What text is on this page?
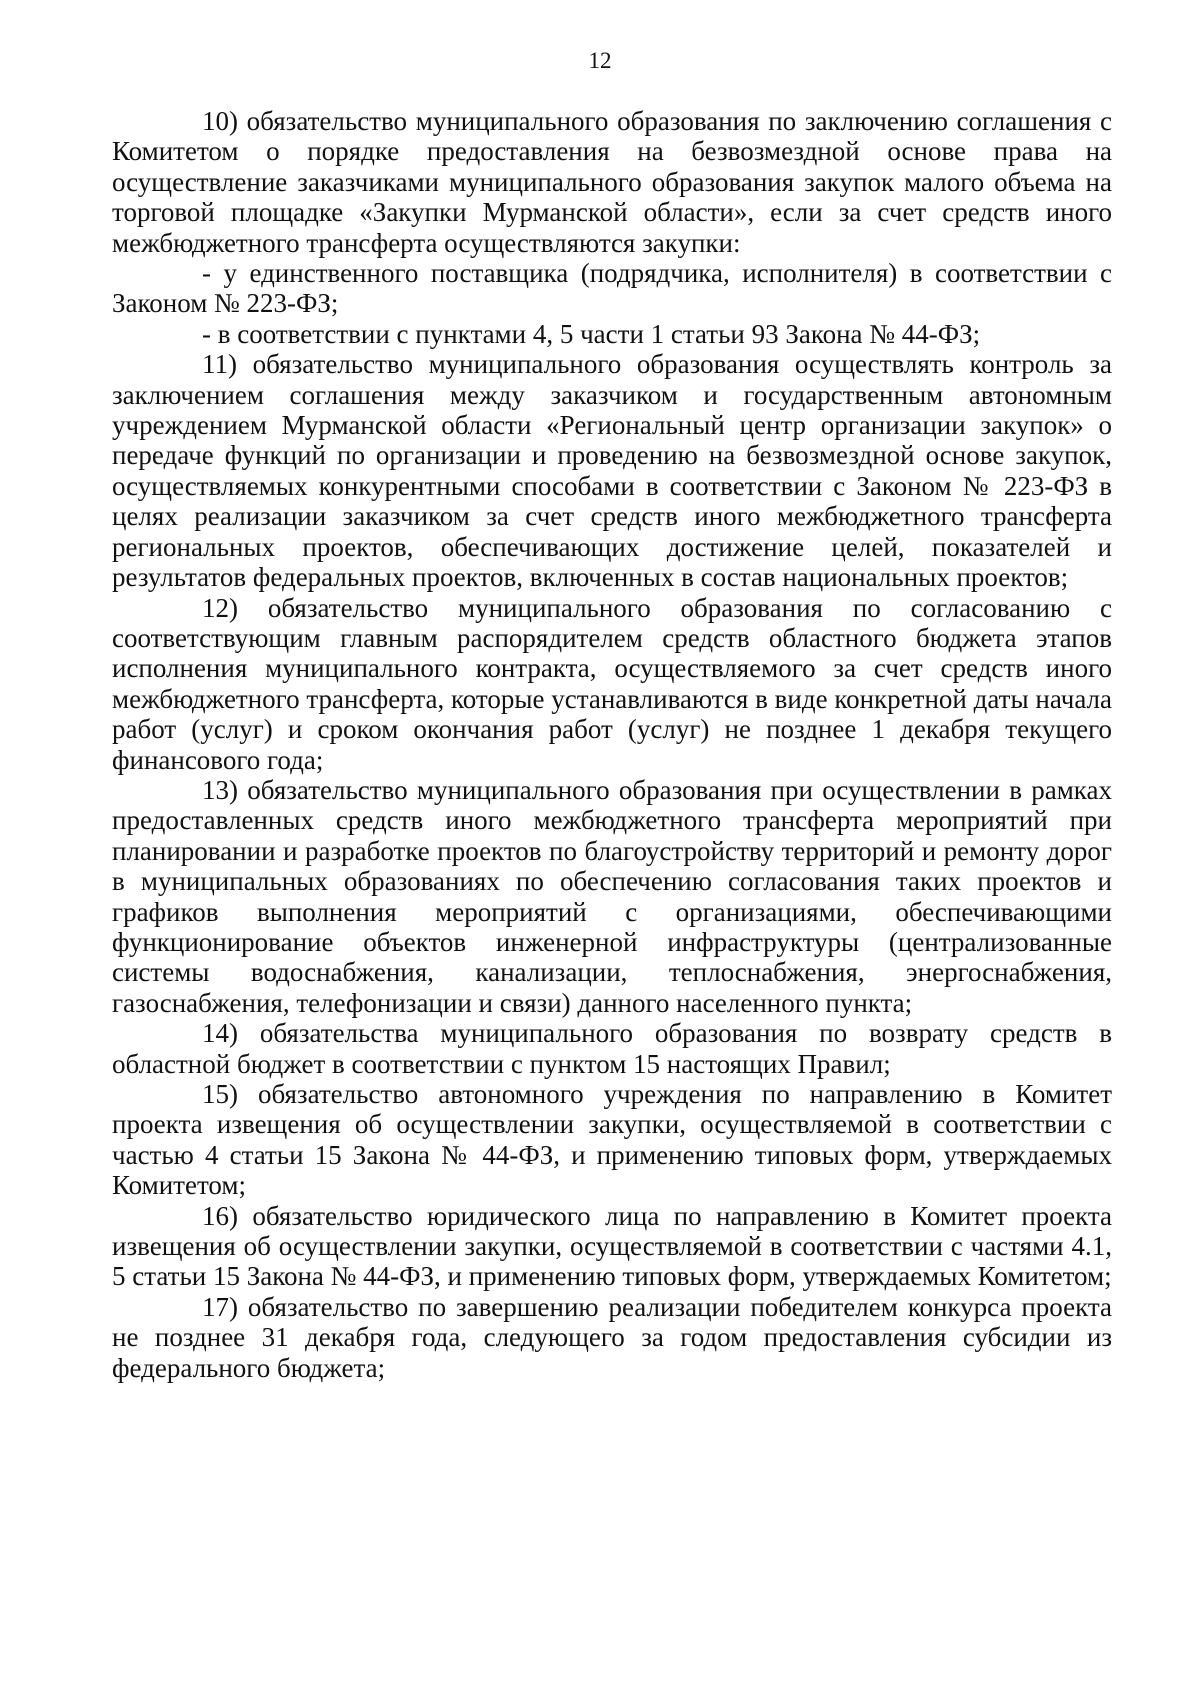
12

10) обязательство муниципального образования по заключению соглашения с Комитетом о порядке предоставления на безвозмездной основе права на осуществление заказчиками муниципального образования закупок малого объема на торговой площадке «Закупки Мурманской области», если за счет средств иного межбюджетного трансферта осуществляются закупки:

- у единственного поставщика (подрядчика, исполнителя) в соответствии с Законом № 223-ФЗ;

- в соответствии с пунктами 4, 5 части 1 статьи 93 Закона № 44-ФЗ;

11) обязательство муниципального образования осуществлять контроль за заключением соглашения между заказчиком и государственным автономным учреждением Мурманской области «Региональный центр организации закупок» о передаче функций по организации и проведению на безвозмездной основе закупок, осуществляемых конкурентными способами в соответствии с Законом № 223-ФЗ в целях реализации заказчиком за счет средств иного межбюджетного трансферта региональных проектов, обеспечивающих достижение целей, показателей и результатов федеральных проектов, включенных в состав национальных проектов;

12) обязательство муниципального образования по согласованию с соответствующим главным распорядителем средств областного бюджета этапов исполнения муниципального контракта, осуществляемого за счет средств иного межбюджетного трансферта, которые устанавливаются в виде конкретной даты начала работ (услуг) и сроком окончания работ (услуг) не позднее 1 декабря текущего финансового года;

13) обязательство муниципального образования при осуществлении в рамках предоставленных средств иного межбюджетного трансферта мероприятий при планировании и разработке проектов по благоустройству территорий и ремонту дорог в муниципальных образованиях по обеспечению согласования таких проектов и графиков выполнения мероприятий с организациями, обеспечивающими функционирование объектов инженерной инфраструктуры (централизованные системы водоснабжения, канализации, теплоснабжения, энергоснабжения, газоснабжения, телефонизации и связи) данного населенного пункта;

14) обязательства муниципального образования по возврату средств в областной бюджет в соответствии с пунктом 15 настоящих Правил;

15) обязательство автономного учреждения по направлению в Комитет проекта извещения об осуществлении закупки, осуществляемой в соответствии с частью 4 статьи 15 Закона № 44-ФЗ, и применению типовых форм, утверждаемых Комитетом;

16) обязательство юридического лица по направлению в Комитет проекта извещения об осуществлении закупки, осуществляемой в соответствии с частями 4.1, 5 статьи 15 Закона № 44-ФЗ, и применению типовых форм, утверждаемых Комитетом;

17) обязательство по завершению реализации победителем конкурса проекта не позднее 31 декабря года, следующего за годом предоставления субсидии из федерального бюджета;
